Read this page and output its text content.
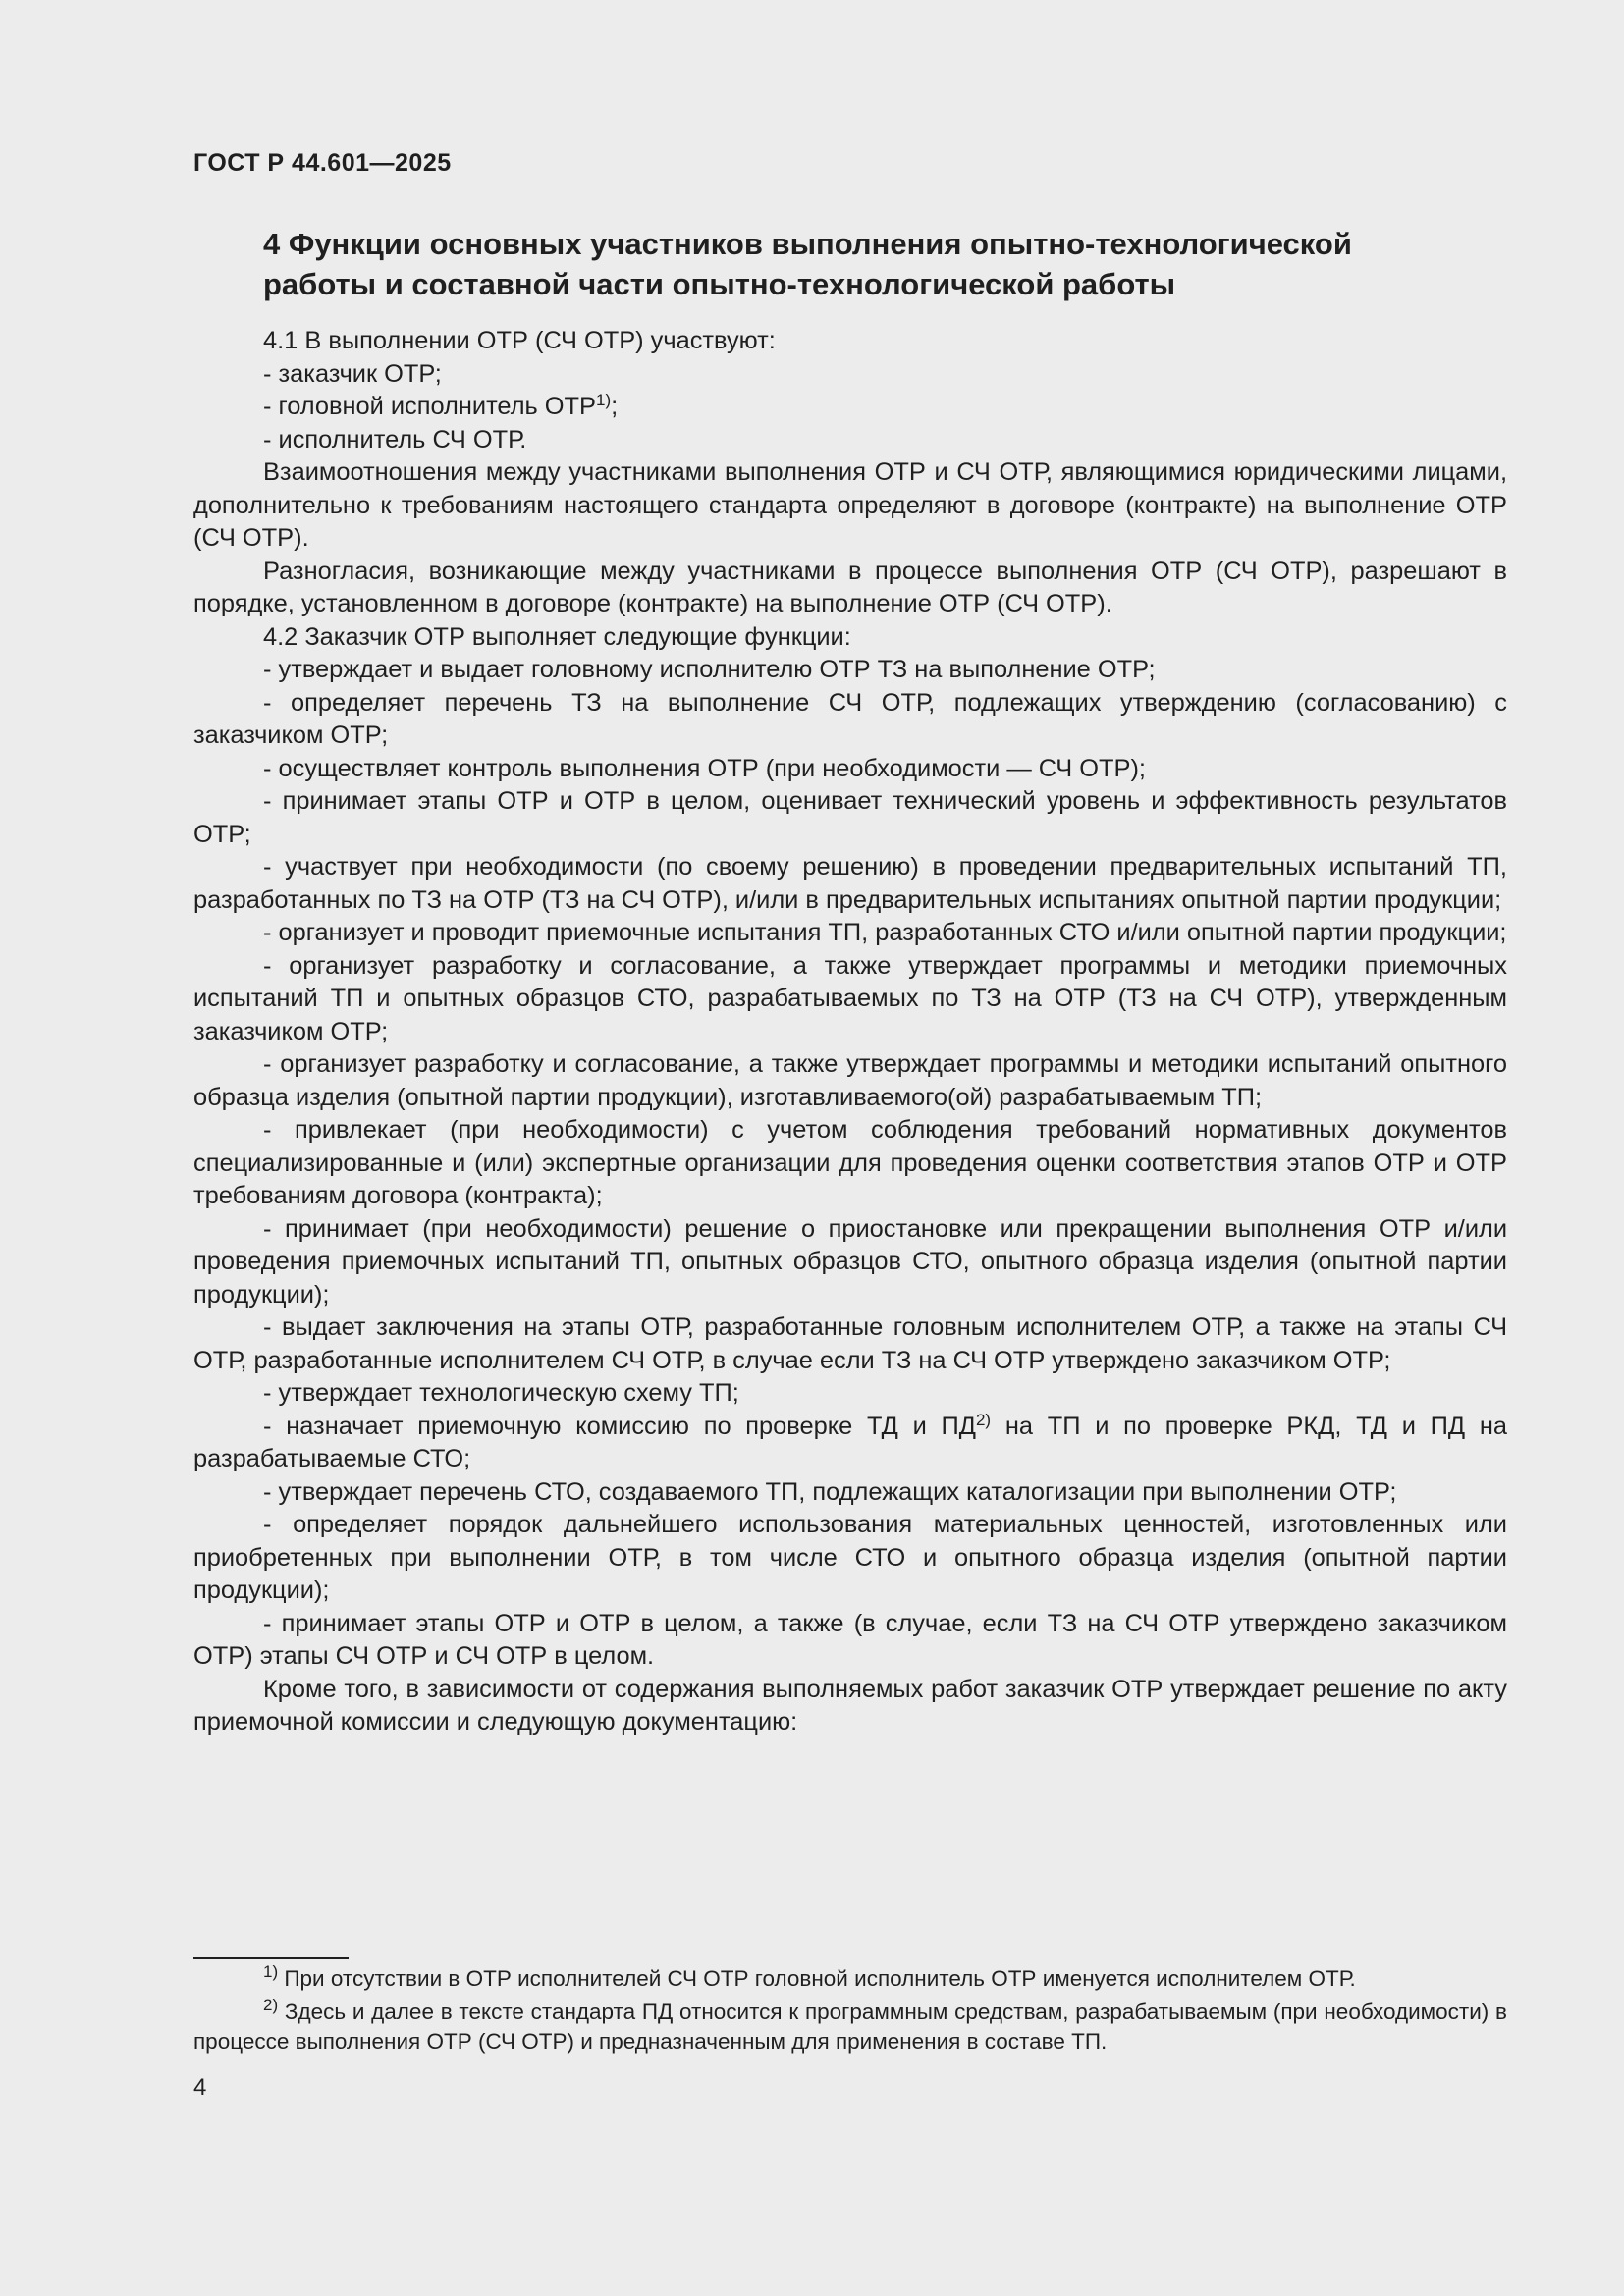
ГОСТ Р 44.601—2025

4 Функции основных участников выполнения опытно-технологической
работы и составной части опытно-технологической работы

4.1 В выполнении ОТР (СЧ ОТР) участвуют:

- заказчик ОТР;

- головной исполнитель ОТР$^{1)}$;

- исполнитель СЧ ОТР.

Взаимоотношения между участниками выполнения ОТР и СЧ ОТР, являющимися юридическими лицами, дополнительно к требованиям настоящего стандарта определяют в договоре (контракте) на выполнение ОТР (СЧ ОТР).

Разногласия, возникающие между участниками в процессе выполнения ОТР (СЧ ОТР), разрешают в порядке, установленном в договоре (контракте) на выполнение ОТР (СЧ ОТР).

4.2 Заказчик ОТР выполняет следующие функции:

- утверждает и выдает головному исполнителю ОТР ТЗ на выполнение ОТР;

- определяет перечень ТЗ на выполнение СЧ ОТР, подлежащих утверждению (согласованию) с заказчиком ОТР;

- осуществляет контроль выполнения ОТР (при необходимости — СЧ ОТР);

- принимает этапы ОТР и ОТР в целом, оценивает технический уровень и эффективность результатов ОТР;

- участвует при необходимости (по своему решению) в проведении предварительных испытаний ТП, разработанных по ТЗ на ОТР (ТЗ на СЧ ОТР), и/или в предварительных испытаниях опытной партии продукции;

- организует и проводит приемочные испытания ТП, разработанных СТО и/или опытной партии продукции;

- организует разработку и согласование, а также утверждает программы и методики приемочных испытаний ТП и опытных образцов СТО, разрабатываемых по ТЗ на ОТР (ТЗ на СЧ ОТР), утвержденным заказчиком ОТР;

- организует разработку и согласование, а также утверждает программы и методики испытаний опытного образца изделия (опытной партии продукции), изготавливаемого(ой) разрабатываемым ТП;

- привлекает (при необходимости) с учетом соблюдения требований нормативных документов специализированные и (или) экспертные организации для проведения оценки соответствия этапов ОТР и ОТР требованиям договора (контракта);

- принимает (при необходимости) решение о приостановке или прекращении выполнения ОТР и/или проведения приемочных испытаний ТП, опытных образцов СТО, опытного образца изделия (опытной партии продукции);

- выдает заключения на этапы ОТР, разработанные головным исполнителем ОТР, а также на этапы СЧ ОТР, разработанные исполнителем СЧ ОТР, в случае если ТЗ на СЧ ОТР утверждено заказчиком ОТР;

- утверждает технологическую схему ТП;

- назначает приемочную комиссию по проверке ТД и ПД$^{2)}$ на ТП и по проверке РКД, ТД и ПД на разрабатываемые СТО;

- утверждает перечень СТО, создаваемого ТП, подлежащих каталогизации при выполнении ОТР;

- определяет порядок дальнейшего использования материальных ценностей, изготовленных или приобретенных при выполнении ОТР, в том числе СТО и опытного образца изделия (опытной партии продукции);

- принимает этапы ОТР и ОТР в целом, а также (в случае, если ТЗ на СЧ ОТР утверждено заказчиком ОТР) этапы СЧ ОТР и СЧ ОТР в целом.

Кроме того, в зависимости от содержания выполняемых работ заказчик ОТР утверждает решение по акту приемочной комиссии и следующую документацию:

$^{1)}$ При отсутствии в ОТР исполнителей СЧ ОТР головной исполнитель ОТР именуется исполнителем ОТР.

$^{2)}$ Здесь и далее в тексте стандарта ПД относится к программным средствам, разрабатываемым (при необходимости) в процессе выполнения ОТР (СЧ ОТР) и предназначенным для применения в составе ТП.

4
